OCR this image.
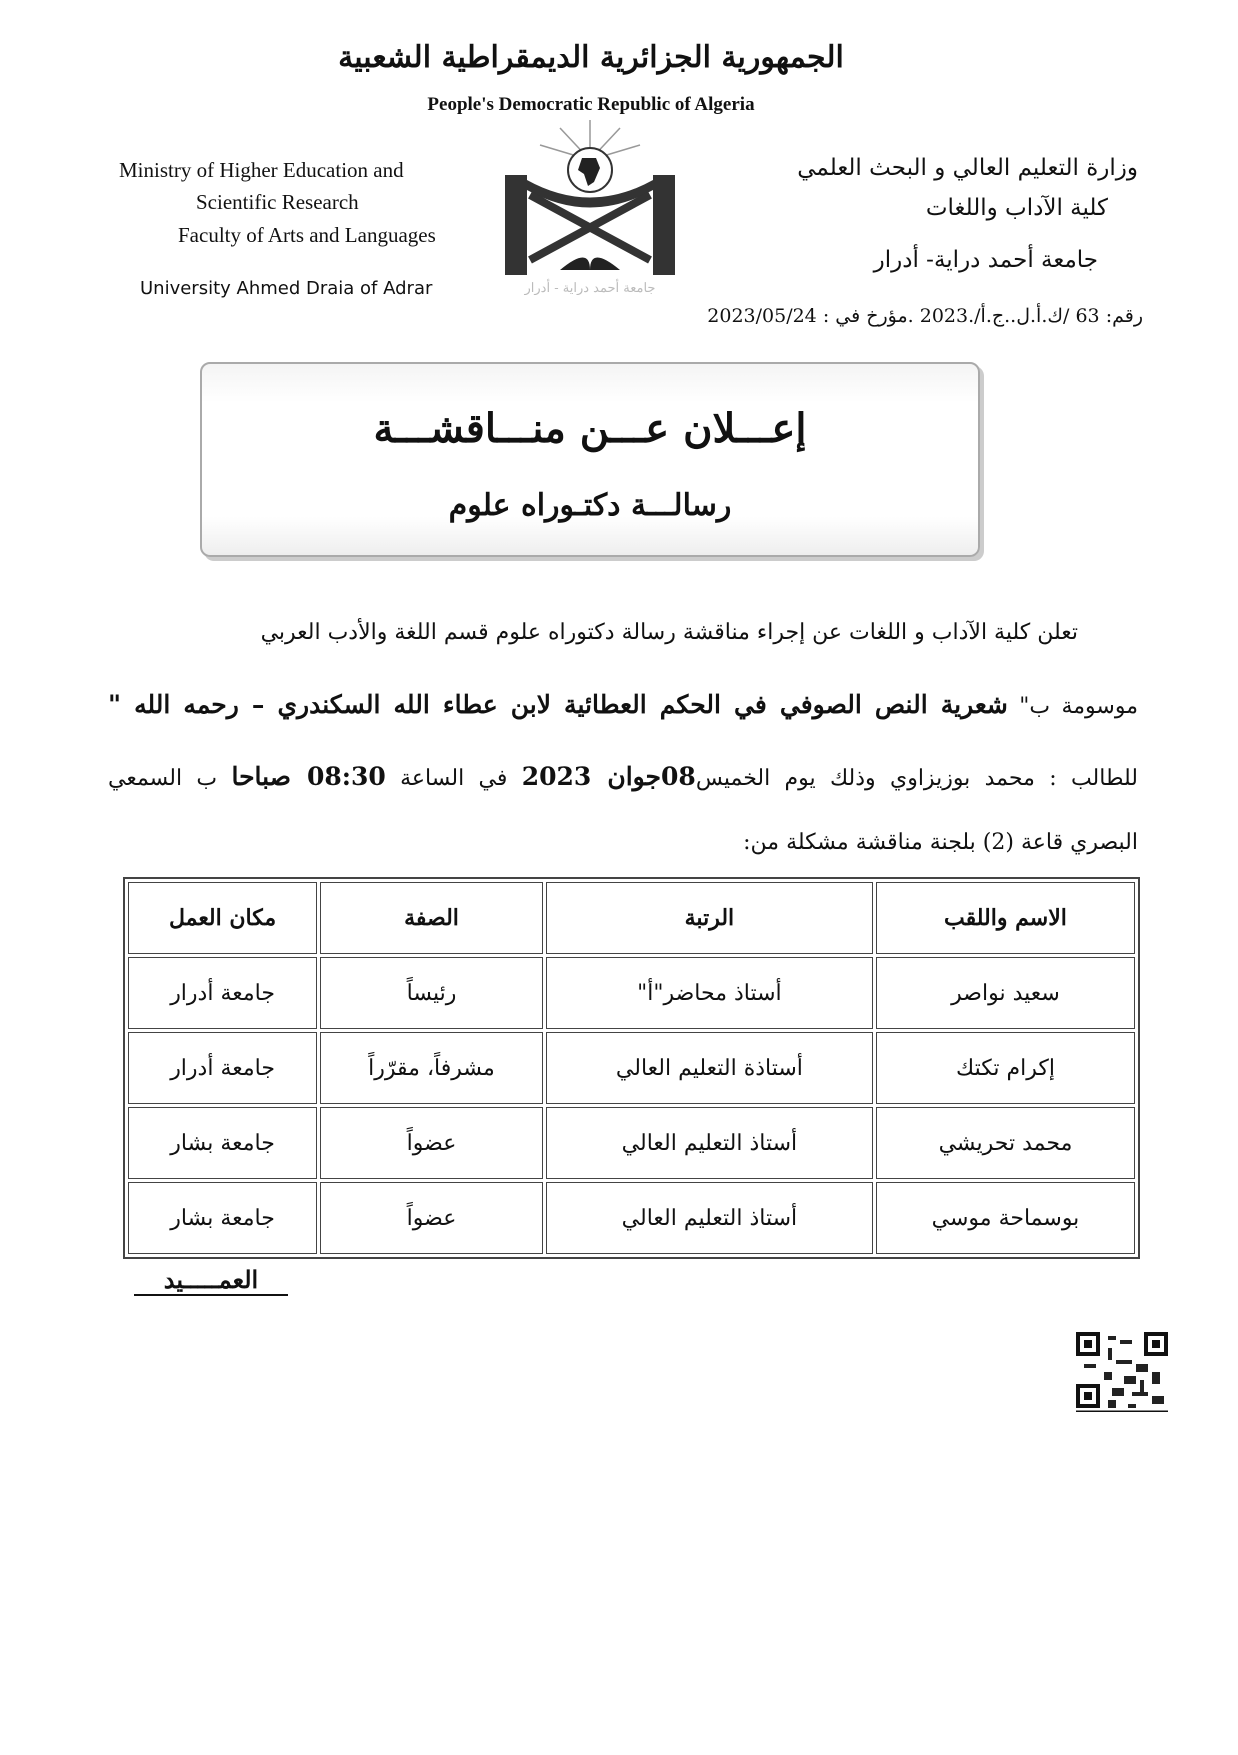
الجمهورية الجزائرية الديمقراطية الشعبية
People's Democratic Republic of Algeria
Ministry of Higher Education and
Scientific Research
Faculty of Arts and Languages
University Ahmed Draia of Adrar	جامعة أحمد دراية - أدرار
وزارة التعليم العالي و البحث العلمي
كلية الآداب واللغات
جامعة أحمد دراية- أدرار
رقم: 63 /ك.أ.ل..ج.أ/.2023 .مؤرخ في : 2023/05/24
إعـــلان عـــن منـــاقشـــة
رسالـــة دكتـوراه علوم
تعلن كلية الآداب و اللغات عن إجراء مناقشة رسالة دكتوراه علوم قسم اللغة والأدب العربي
موسومة ب" شعرية النص الصوفي في الحكم العطائية لابن عطاء الله السكندري – رحمه الله "
للطالب : محمد بوزيزاوي وذلك يوم الخميس08جوان 2023 في الساعة 08:30 صباحا ب السمعي
البصري قاعة (2) بلجنة مناقشة مشكلة من:
الاسم واللقب	الرتبة	الصفة	مكان العمل
سعيد نواصر	أستاذ محاضر"أ"	رئيساً	جامعة أدرار
إكرام تكتك	أستاذة التعليم العالي	مشرفاً، مقرّراً	جامعة أدرار
محمد تحريشي	أستاذ التعليم العالي	عضواً	جامعة بشار
بوسماحة موسي	أستاذ التعليم العالي	عضواً	جامعة بشار
العمـــــيد
